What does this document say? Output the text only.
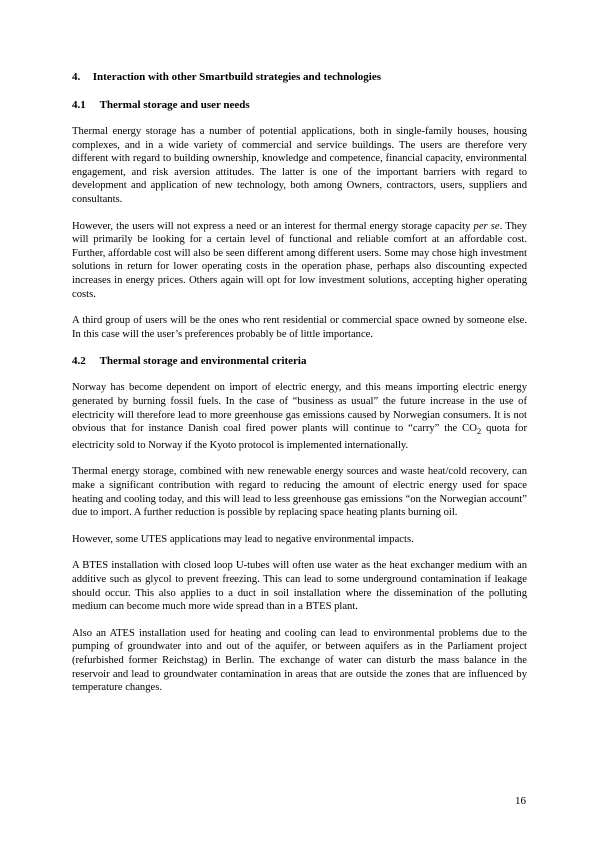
4. Interaction with other Smartbuild strategies and technologies
4.1 Thermal storage and user needs

Thermal energy storage has a number of potential applications, both in single-family houses, housing complexes, and in a wide variety of commercial and service buildings. The users are therefore very different with regard to building ownership, knowledge and competence, financial capacity, environmental engagement, and risk aversion attitudes. The latter is one of the important barriers with regard to development and application of new technology, both among Owners, contractors, users, suppliers and consultants.

However, the users will not express a need or an interest for thermal energy storage capacity per se. They will primarily be looking for a certain level of functional and reliable comfort at an affordable cost. Further, affordable cost will also be seen different among different users. Some may chose high investment solutions in return for lower operating costs in the operation phase, perhaps also discounting expected increases in energy prices. Others again will opt for low investment solutions, accepting higher operating costs.

A third group of users will be the ones who rent residential or commercial space owned by someone else. In this case will the user’s preferences probably be of little importance.

4.2 Thermal storage and environmental criteria

Norway has become dependent on import of electric energy, and this means importing electric energy generated by burning fossil fuels. In the case of “business as usual” the future increase in the use of electricity will therefore lead to more greenhouse gas emissions caused by Norwegian consumers. It is not obvious that for instance Danish coal fired power plants will continue to “carry” the $CO_2$ quota for electricity sold to Norway if the Kyoto protocol is implemented internationally.

Thermal energy storage, combined with new renewable energy sources and waste heat/cold recovery, can make a significant contribution with regard to reducing the amount of electric energy used for space heating and cooling today, and this will lead to less greenhouse gas emissions “on the Norwegian account” due to import. A further reduction is possible by replacing space heating plants burning oil.

However, some UTES applications may lead to negative environmental impacts.

A BTES installation with closed loop U-tubes will often use water as the heat exchanger medium with an additive such as glycol to prevent freezing. This can lead to some underground contamination if leakage should occur. This also applies to a duct in soil installation where the dissemination of the polluting medium can become much more wide spread than in a BTES plant.

Also an ATES installation used for heating and cooling can lead to environmental problems due to the pumping of groundwater into and out of the aquifer, or between aquifers as in the Parliament project (refurbished former Reichstag) in Berlin. The exchange of water can disturb the mass balance in the reservoir and lead to groundwater contamination in areas that are outside the zones that are influenced by temperature changes.

16
